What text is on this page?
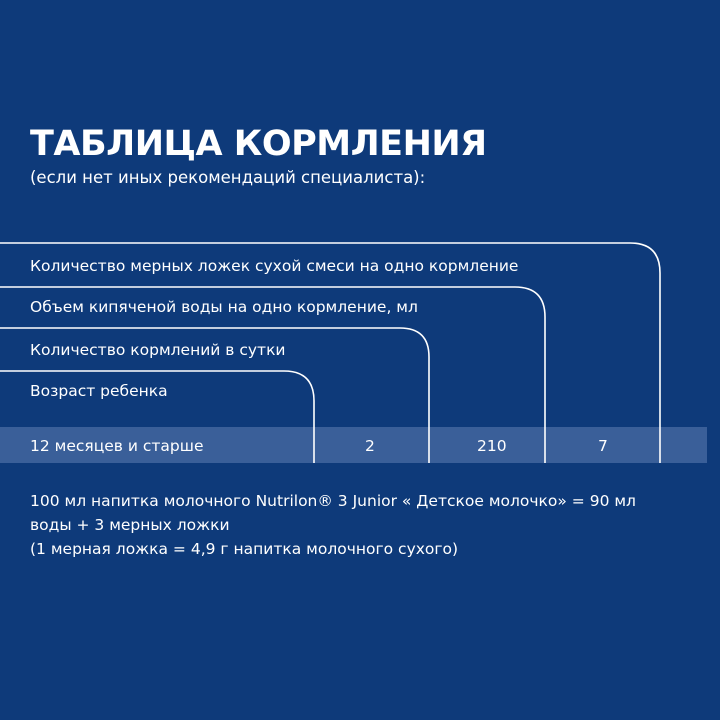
ТАБЛИЦА КОРМЛЕНИЯ
(если нет иных рекомендаций специалиста):
Количество мерных ложек сухой смеси на одно кормление
Объем кипяченой воды на одно кормление, мл
Количество кормлений в сутки
Возраст ребенка
12 месяцев и старше	2	210	7
100 мл напитка молочного Nutrilon® 3 Junior « Детское молочко» = 90 мл
воды + 3 мерных ложки
(1 мерная ложка = 4,9 г напитка молочного сухого)
